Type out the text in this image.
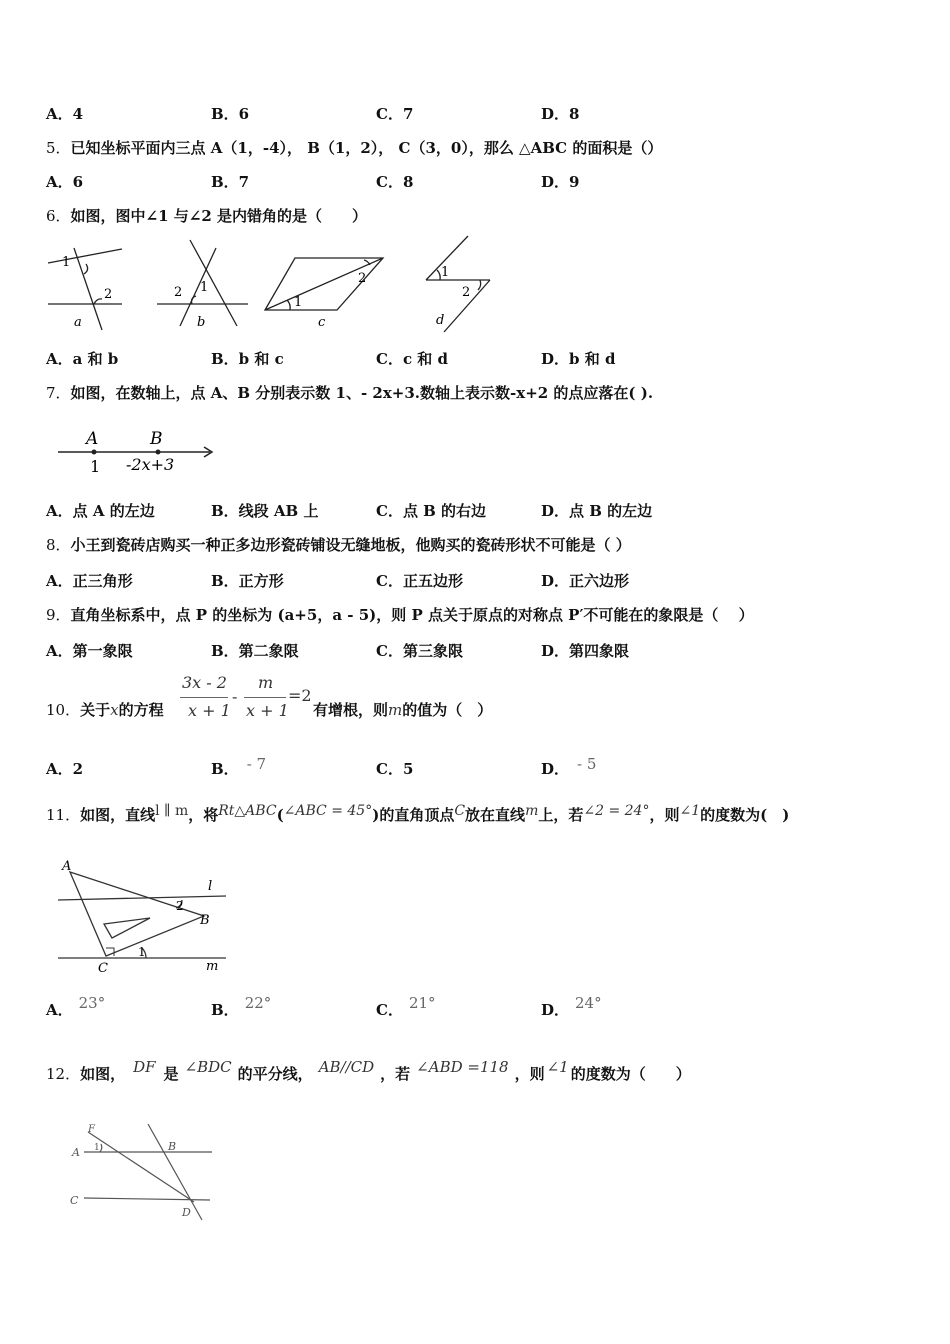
A．4	B．6	C．7	D．8
5．已知坐标平面内三点 A（1，-4）， B（1，2）， C（3，0），那么 △ABC 的面积是（）
A．6	B．7	C．8	D．9
6．如图，图中∠1 与∠2 是内错角的是（　　）
1
2
a
2 1
b
1
2
c
1
2
d
A．a 和 b	B．b 和 c	C．c 和 d	D．b 和 d
7．如图，在数轴上，点 A、B 分别表示数 1、- 2x+3.数轴上表示数-x+2 的点应落在( ).
A	B
1 -2x+3
A．点 A 的左边	B．线段 AB 上	C．点 B 的右边	D．点 B 的左边
8．小王到瓷砖店购买一种正多边形瓷砖铺设无缝地板，他购买的瓷砖形状不可能是（ ）
A．正三角形	B．正方形	C．正五边形	D．正六边形
9．直角坐标系中，点 P 的坐标为 (a+5，a - 5)，则 P 点关于原点的对称点 P′不可能在的象限是（　 ）
A．第一象限	B．第二象限	C．第三象限	D．第四象限
10．关于x的方程
3x - 2
x + 1
-
m
x + 1
=2
有增根，则m的值为（　）
A．2	B． - 7	C．5	D． - 5
11．如图，直线l ∥ m，将Rt△ABC(∠ABC = 45°)的直角顶点C放在直线m上，若∠2 = 24°，则∠1的度数为(　)
A
B
C
l
m
1
2
A． 23°	B． 22°	C． 21°	D． 24°
12．如图， DF 是 ∠BDC 的平分线， AB//CD ，若 ∠ABD =118 ，则 ∠1 的度数为（　　）
F
A	B
C
D
1
